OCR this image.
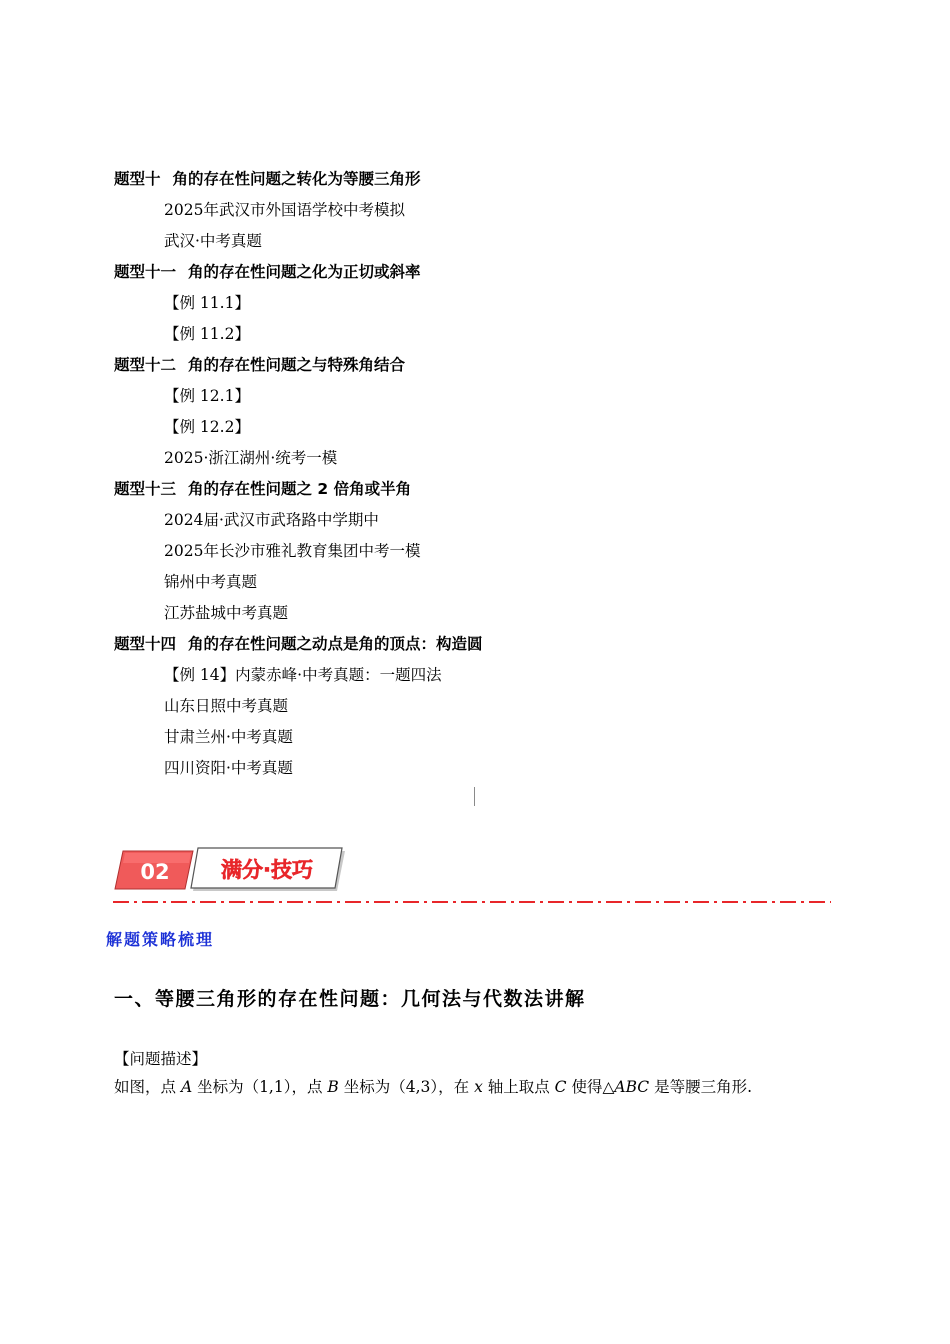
题型十 角的存在性问题之转化为等腰三角形
2025年武汉市外国语学校中考模拟
武汉·中考真题
题型十一 角的存在性问题之化为正切或斜率
【例 11.1】
【例 11.2】
题型十二 角的存在性问题之与特殊角结合
【例 12.1】
【例 12.2】
2025·浙江湖州·统考一模
题型十三 角的存在性问题之 2 倍角或半角
2024届·武汉市武珞路中学期中
2025年长沙市雅礼教育集团中考一模
锦州中考真题
江苏盐城中考真题
题型十四 角的存在性问题之动点是角的顶点：构造圆
【例 14】内蒙赤峰·中考真题：一题四法
山东日照中考真题
甘肃兰州·中考真题
四川资阳·中考真题
02 满分·技巧
解题策略梳理
一、等腰三角形的存在性问题：几何法与代数法讲解
【问题描述】
如图，点 A 坐标为（1,1），点 B 坐标为（4,3），在 x 轴上取点 C 使得△ABC 是等腰三角形.
